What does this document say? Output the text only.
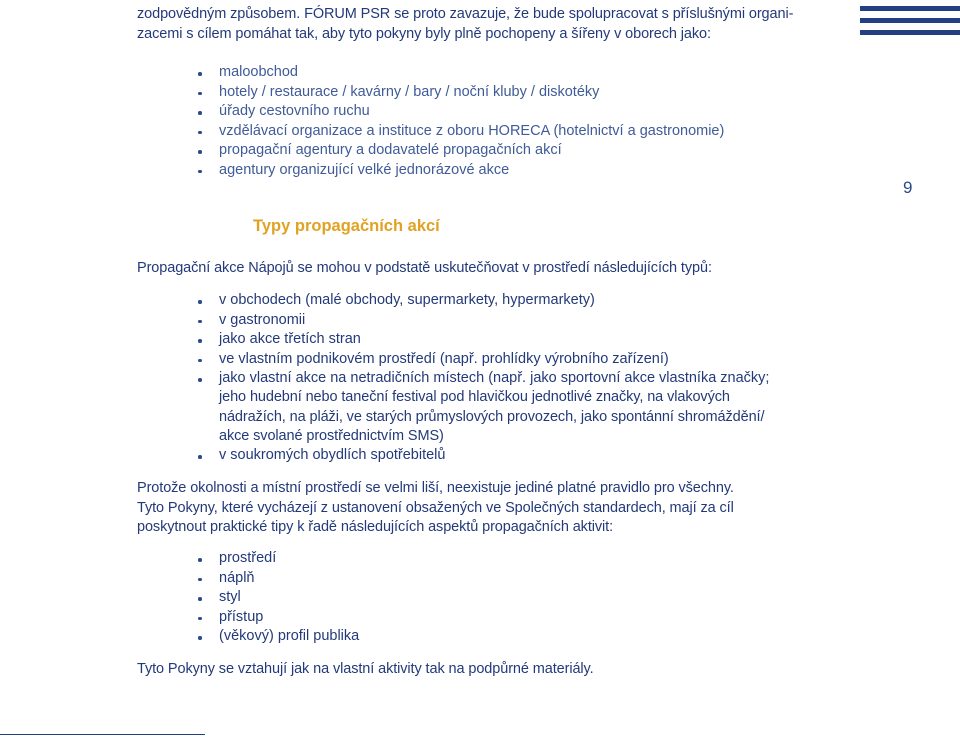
zodpovědným způsobem. FÓRUM PSR se proto zavazuje, že bude spolupracovat s příslušnými organi-

zacemi s cílem pomáhat tak, aby tyto pokyny byly plně pochopeny a šířeny v oborech jako:

maloobchod
hotely / restaurace / kavárny / bary / noční kluby / diskotéky
úřady cestovního ruchu
vzdělávací organizace a instituce z oboru HORECA (hotelnictví a gastronomie)
propagační agentury a dodavatelé propagačních akcí
agentury organizující velké jednorázové akce
9
Typy propagačních akcí

Propagační akce Nápojů se mohou v podstatě uskutečňovat v prostředí následujících typů:

v obchodech (malé obchody, supermarkety, hypermarkety)
v gastronomii
jako akce třetích stran
ve vlastním podnikovém prostředí (např. prohlídky výrobního zařízení)
jako vlastní akce na netradičních místech (např. jako sportovní akce vlastníka značky;

jeho hudební nebo taneční festival pod hlavičkou jednotlivé značky, na vlakových

nádražích, na pláži, ve starých průmyslových provozech, jako spontánní shromáždění/

akce svolané prostřednictvím SMS)

v soukromých obydlích spotřebitelů

Protože okolnosti a místní prostředí se velmi liší, neexistuje jediné platné pravidlo pro všechny.

Tyto Pokyny, které vycházejí z ustanovení obsažených ve Společných standardech, mají za cíl

poskytnout praktické tipy k řadě následujících aspektů propagačních aktivit:

prostředí
náplň
styl
přístup
(věkový) profil publika

Tyto Pokyny se vztahují jak na vlastní aktivity tak na podpůrné materiály.
